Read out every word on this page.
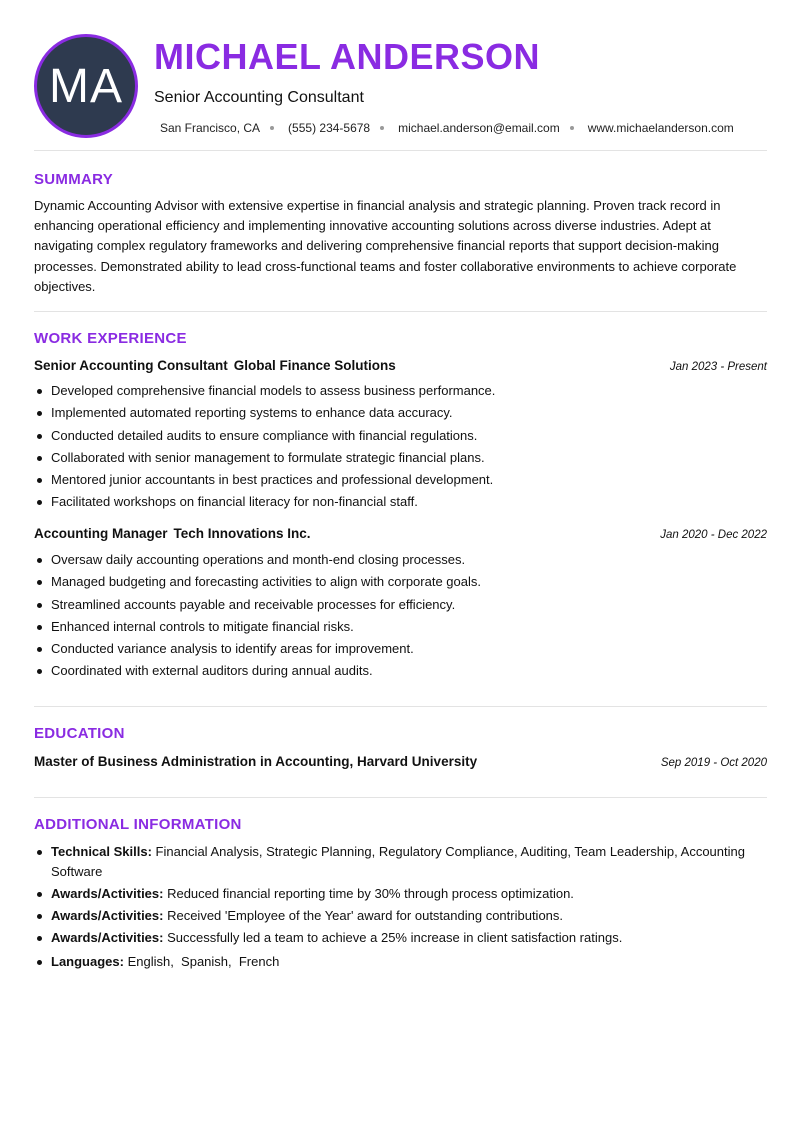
MA
MICHAEL ANDERSON
Senior Accounting Consultant
San Francisco, CA (555) 234-5678 michael.anderson@email.com www.michaelanderson.com
SUMMARY

Dynamic Accounting Advisor with extensive expertise in financial analysis and strategic planning. Proven track record in enhancing operational efficiency and implementing innovative accounting solutions across diverse industries. Adept at navigating complex regulatory frameworks and delivering comprehensive financial reports that support decision-making processes. Demonstrated ability to lead cross-functional teams and foster collaborative environments to achieve corporate objectives.

WORK EXPERIENCE
Senior Accounting Consultant Global Finance Solutions	Jan 2023 - Present
Developed comprehensive financial models to assess business performance.
Implemented automated reporting systems to enhance data accuracy.
Conducted detailed audits to ensure compliance with financial regulations.
Collaborated with senior management to formulate strategic financial plans.
Mentored junior accountants in best practices and professional development.
Facilitated workshops on financial literacy for non-financial staff.
Accounting Manager Tech Innovations Inc.	Jan 2020 - Dec 2022
Oversaw daily accounting operations and month-end closing processes.
Managed budgeting and forecasting activities to align with corporate goals.
Streamlined accounts payable and receivable processes for efficiency.
Enhanced internal controls to mitigate financial risks.
Conducted variance analysis to identify areas for improvement.
Coordinated with external auditors during annual audits.
EDUCATION
Master of Business Administration in Accounting, Harvard University	Sep 2019 - Oct 2020
ADDITIONAL INFORMATION
Technical Skills: Financial Analysis, Strategic Planning, Regulatory Compliance, Auditing, Team Leadership, Accounting Software
Awards/Activities: Reduced financial reporting time by 30% through process optimization.
Awards/Activities: Received 'Employee of the Year' award for outstanding contributions.
Awards/Activities: Successfully led a team to achieve a 25% increase in client satisfaction ratings.
Languages: English,  Spanish,  French
